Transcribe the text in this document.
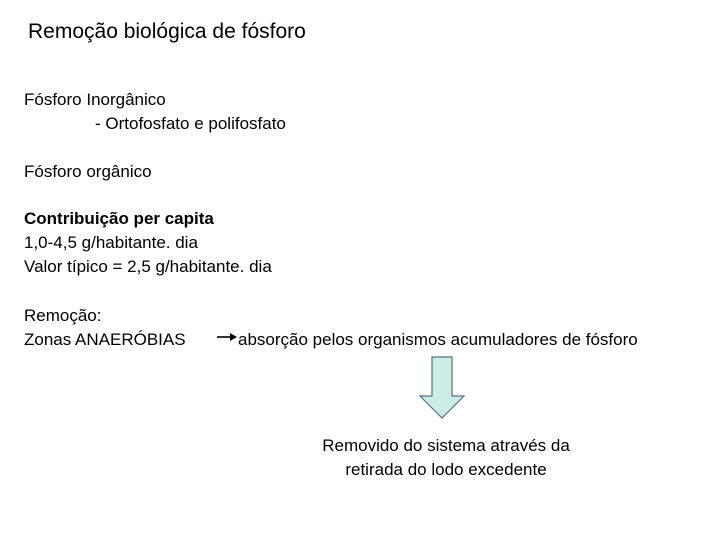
Remoção biológica de fósforo
Fósforo Inorgânico
- Ortofosfato e polifosfato
Fósforo orgânico
Contribuição per capita
1,0-4,5 g/habitante. dia
Valor típico = 2,5 g/habitante. dia
Remoção:
Zonas ANAERÓBIAS	absorção pelos organismos acumuladores de fósforo
Removido do sistema através da
retirada do lodo excedente
